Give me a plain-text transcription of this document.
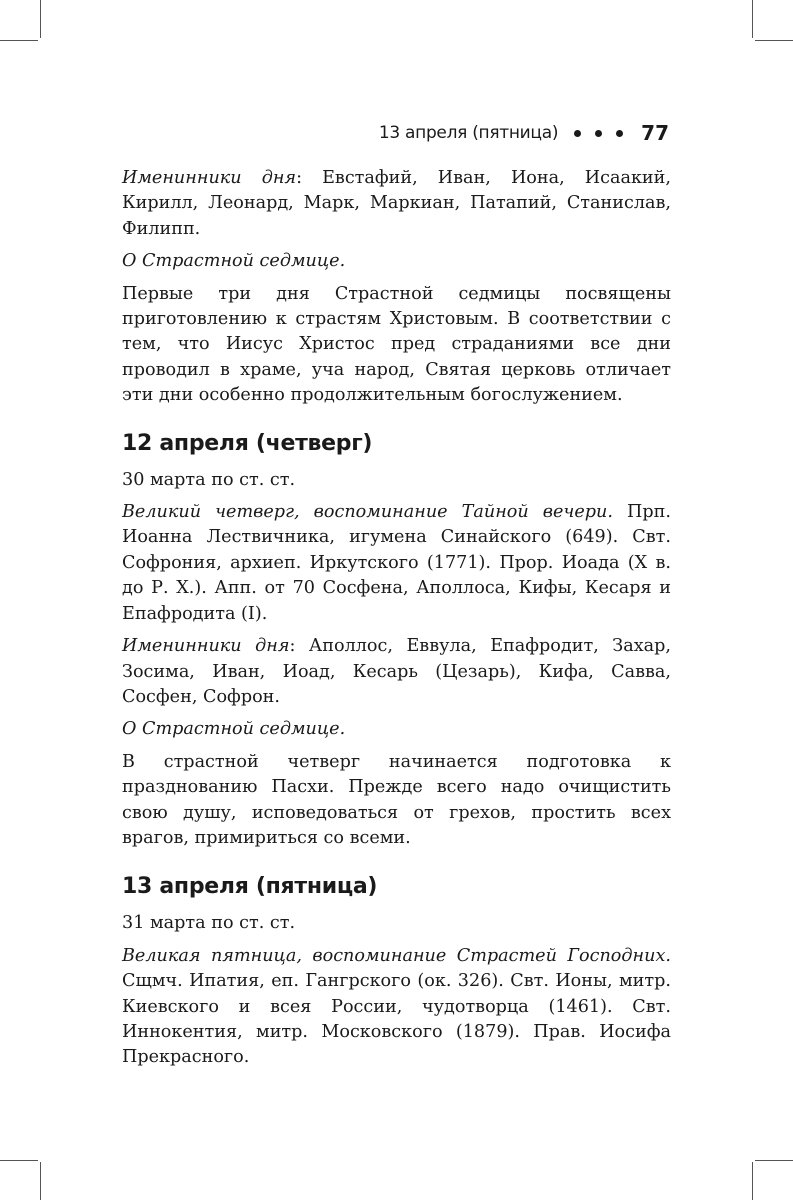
13 апреля (пятница)	77

Именинники дня: Евстафий, Иван, Иона, Исаакий, Кирилл, Леонард, Марк, Маркиан, Патапий, Станислав, Филипп.

О Страстной седмице.

Первые три дня Страстной седмицы посвящены приготовлению к страстям Христовым. В соответствии с тем, что Иисус Христос пред страданиями все дни проводил в храме, уча народ, Святая церковь отличает эти дни особенно продолжительным богослужением.

12 апреля (четверг)

30 марта по ст. ст.

Великий четверг, воспоминание Тайной вечери. Прп. Иоанна Лествичника, игумена Синайского (649). Свт. Софрония, архиеп. Иркутского (1771). Прор. Иоада (X в. до Р. Х.). Апп. от 70 Сосфена, Аполлоса, Кифы, Кесаря и Епафродита (I).

Именинники дня: Аполлос, Еввула, Епафродит, Захар, Зосима, Иван, Иоад, Кесарь (Цезарь), Кифа, Савва, Сосфен, Софрон.

О Страстной седмице.

В страстной четверг начинается подготовка к празднованию Пасхи. Прежде всего надо очищистить свою душу, исповедоваться от грехов, простить всех врагов, примириться со всеми.

13 апреля (пятница)

31 марта по ст. ст.

Великая пятница, воспоминание Страстей Господних. Сщмч. Ипатия, еп. Гангрского (ок. 326). Свт. Ионы, митр. Киевского и всея России, чудотворца (1461). Свт. Иннокентия, митр. Московского (1879). Прав. Иосифа Прекрасного.
